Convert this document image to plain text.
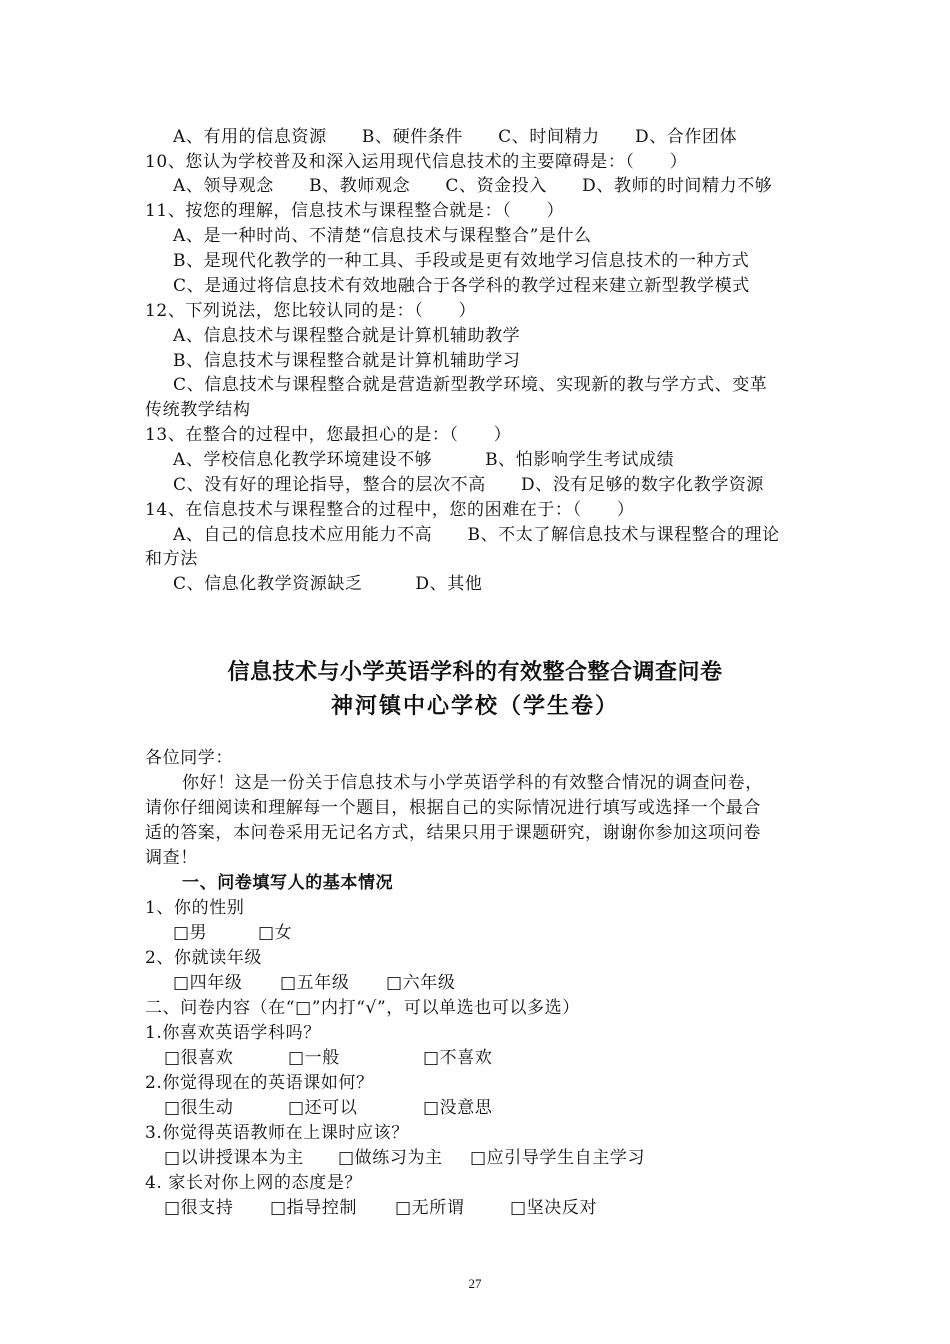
A、有用的信息资源　　B、硬件条件　　C、时间精力　　D、合作团体
10、您认为学校普及和深入运用现代信息技术的主要障碍是：（　　）
A、领导观念　　B、教师观念　　C、资金投入　　D、教师的时间精力不够
11、按您的理解，信息技术与课程整合就是：（　　）
A、是一种时尚、不清楚“信息技术与课程整合”是什么
B、是现代化教学的一种工具、手段或是更有效地学习信息技术的一种方式
C、是通过将信息技术有效地融合于各学科的教学过程来建立新型教学模式
12、下列说法，您比较认同的是：（　　）
A、信息技术与课程整合就是计算机辅助教学
B、信息技术与课程整合就是计算机辅助学习
C、信息技术与课程整合就是营造新型教学环境、实现新的教与学方式、变革
传统教学结构
13、在整合的过程中，您最担心的是：（　　）
A、学校信息化教学环境建设不够　　　B、怕影响学生考试成绩
C、没有好的理论指导，整合的层次不高　　D、没有足够的数字化教学资源
14、在信息技术与课程整合的过程中，您的困难在于：（　　）
A、自己的信息技术应用能力不高　　B、不太了解信息技术与课程整合的理论
和方法
C、信息化教学资源缺乏　　　D、其他
信息技术与小学英语学科的有效整合整合调查问卷
神河镇中心学校（学生卷）
各位同学：
你好！这是一份关于信息技术与小学英语学科的有效整合情况的调查问卷，
请你仔细阅读和理解每一个题目，根据自己的实际情况进行填写或选择一个最合
适的答案，本问卷采用无记名方式，结果只用于课题研究，谢谢你参加这项问卷
调查！
一、问卷填写人的基本情况
1、你的性别
□男	□女
2、你就读年级
□四年级 □五年级 □六年级
二、问卷内容（在“□”内打“√”，可以单选也可以多选）
1.你喜欢英语学科吗？
□很喜欢	□一般	□不喜欢
2.你觉得现在的英语课如何？
□很生动	□还可以	□没意思
3.你觉得英语教师在上课时应该？
□以讲授课本为主 □做练习为主 □应引导学生自主学习
4. 家长对你上网的态度是？
□很支持 □指导控制 □无所谓	□坚决反对
27
